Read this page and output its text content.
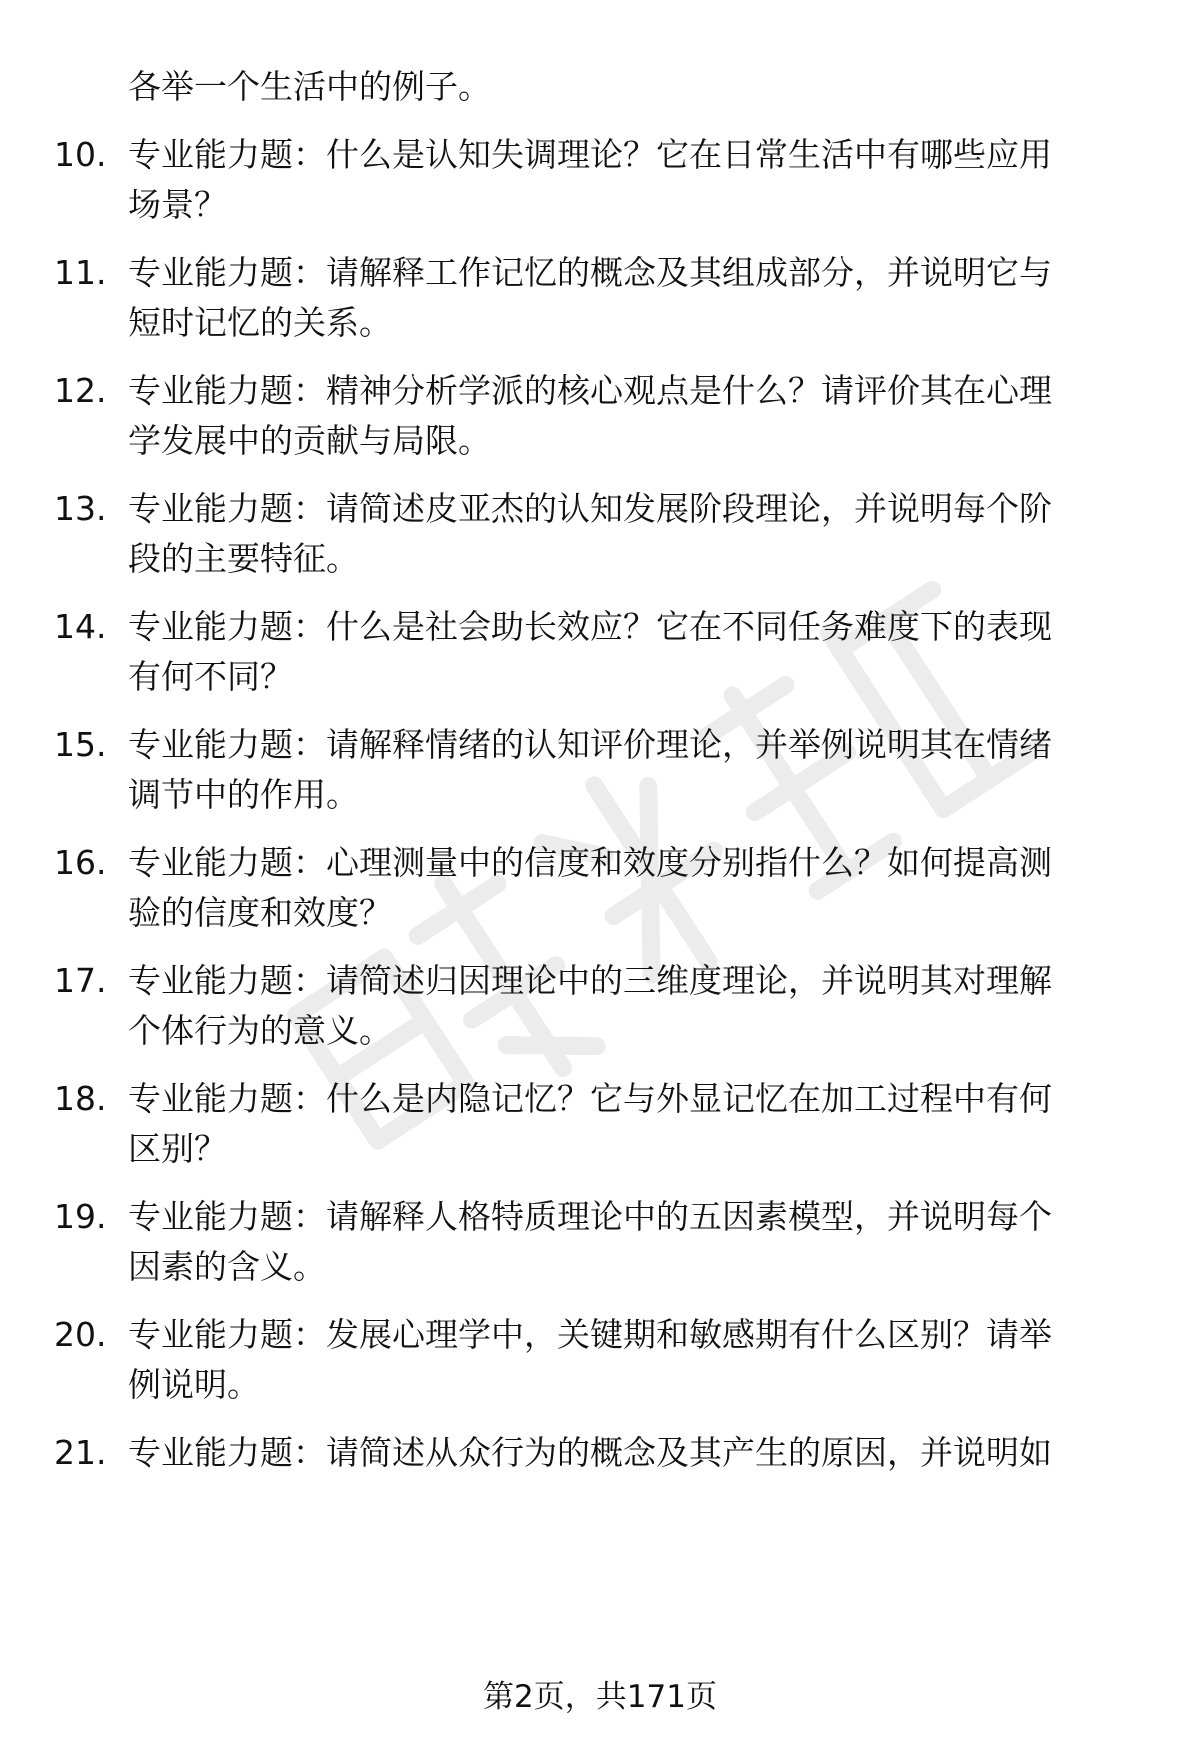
各举一个生活中的例子。
10. 专业能力题：什么是认知失调理论？它在日常生活中有哪些应用
场景？
11. 专业能力题：请解释工作记忆的概念及其组成部分，并说明它与
短时记忆的关系。
12. 专业能力题：精神分析学派的核心观点是什么？请评价其在心理
学发展中的贡献与局限。
13. 专业能力题：请简述皮亚杰的认知发展阶段理论，并说明每个阶
段的主要特征。
14. 专业能力题：什么是社会助长效应？它在不同任务难度下的表现
有何不同？
15. 专业能力题：请解释情绪的认知评价理论，并举例说明其在情绪
调节中的作用。
16. 专业能力题：心理测量中的信度和效度分别指什么？如何提高测
验的信度和效度？
17. 专业能力题：请简述归因理论中的三维度理论，并说明其对理解
个体行为的意义。
18. 专业能力题：什么是内隐记忆？它与外显记忆在加工过程中有何
区别？
19. 专业能力题：请解释人格特质理论中的五因素模型，并说明每个
因素的含义。
20. 专业能力题：发展心理学中，关键期和敏感期有什么区别？请举
例说明。
21. 专业能力题：请简述从众行为的概念及其产生的原因，并说明如
第2页，共171页
